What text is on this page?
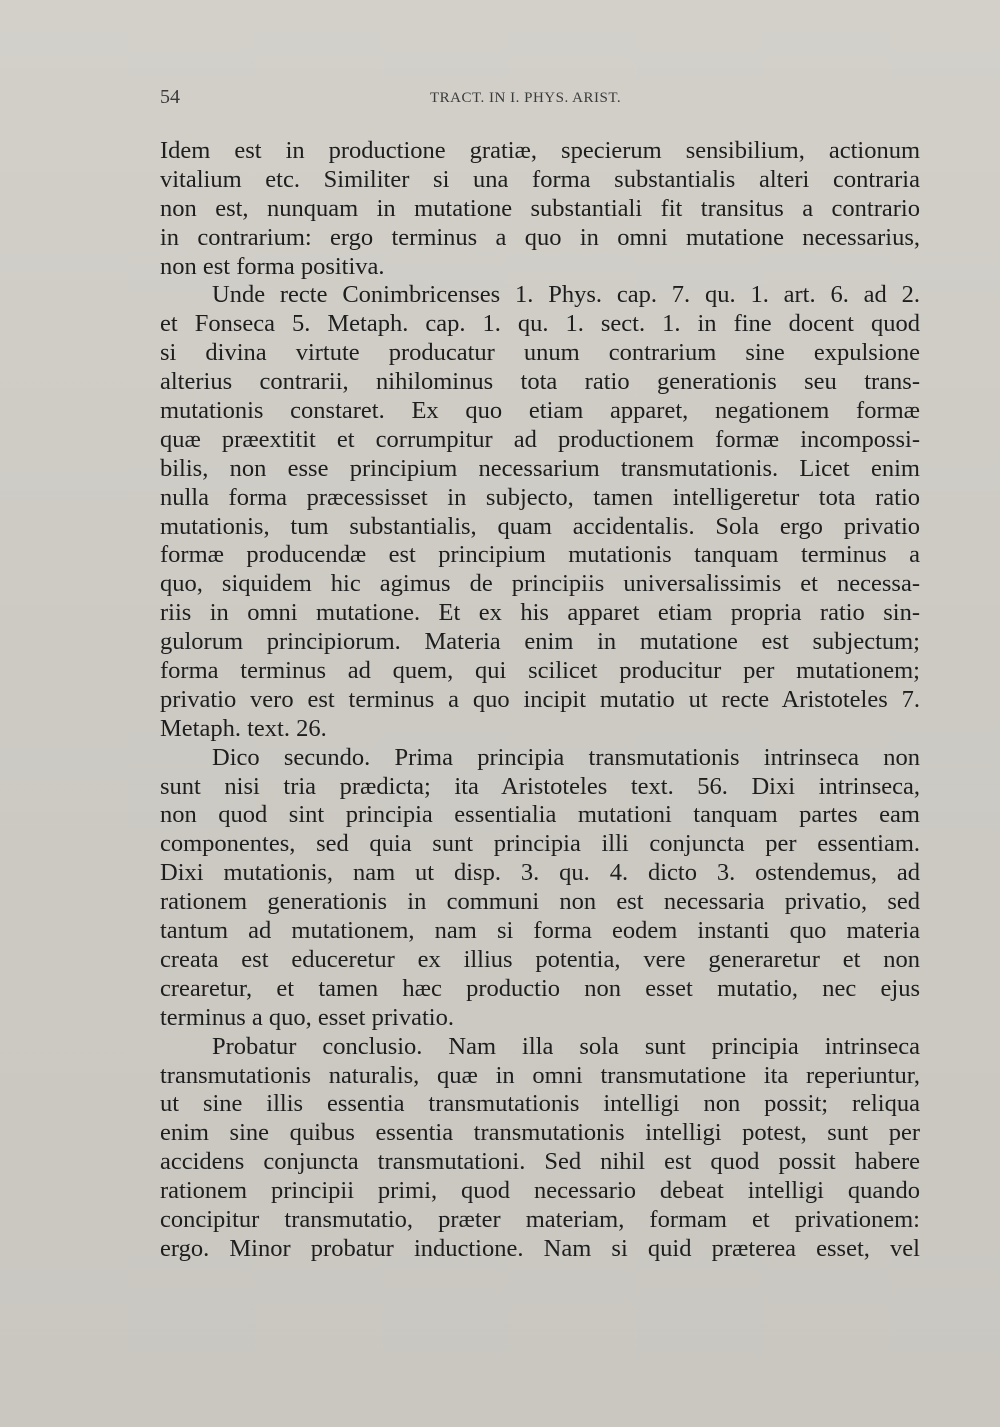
54	TRACT. IN I. PHYS. ARIST.
Idem est in productione gratiæ, specierum sensibilium, actionum
vitalium etc. Similiter si una forma substantialis alteri contraria
non est, nunquam in mutatione substantiali fit transitus a contrario
in contrarium: ergo terminus a quo in omni mutatione necessarius,
non est forma positiva.
Unde recte Conimbricenses 1. Phys. cap. 7. qu. 1. art. 6. ad 2.
et Fonseca 5. Metaph. cap. 1. qu. 1. sect. 1. in fine docent quod
si divina virtute producatur unum contrarium sine expulsione
alterius contrarii, nihilominus tota ratio generationis seu trans-
mutationis constaret. Ex quo etiam apparet, negationem formæ
quæ præextitit et corrumpitur ad productionem formæ incompossi-
bilis, non esse principium necessarium transmutationis. Licet enim
nulla forma præcessisset in subjecto, tamen intelligeretur tota ratio
mutationis, tum substantialis, quam accidentalis. Sola ergo privatio
formæ producendæ est principium mutationis tanquam terminus a
quo, siquidem hic agimus de principiis universalissimis et necessa-
riis in omni mutatione. Et ex his apparet etiam propria ratio sin-
gulorum principiorum. Materia enim in mutatione est subjectum;
forma terminus ad quem, qui scilicet producitur per mutationem;
privatio vero est terminus a quo incipit mutatio ut recte Aristoteles 7.
Metaph. text. 26.
Dico secundo. Prima principia transmutationis intrinseca non
sunt nisi tria prædicta; ita Aristoteles text. 56. Dixi intrinseca,
non quod sint principia essentialia mutationi tanquam partes eam
componentes, sed quia sunt principia illi conjuncta per essentiam.
Dixi mutationis, nam ut disp. 3. qu. 4. dicto 3. ostendemus, ad
rationem generationis in communi non est necessaria privatio, sed
tantum ad mutationem, nam si forma eodem instanti quo materia
creata est educeretur ex illius potentia, vere generaretur et non
crearetur, et tamen hæc productio non esset mutatio, nec ejus
terminus a quo, esset privatio.
Probatur conclusio. Nam illa sola sunt principia intrinseca
transmutationis naturalis, quæ in omni transmutatione ita reperiuntur,
ut sine illis essentia transmutationis intelligi non possit; reliqua
enim sine quibus essentia transmutationis intelligi potest, sunt per
accidens conjuncta transmutationi. Sed nihil est quod possit habere
rationem principii primi, quod necessario debeat intelligi quando
concipitur transmutatio, præter materiam, formam et privationem:
ergo. Minor probatur inductione. Nam si quid præterea esset, vel
